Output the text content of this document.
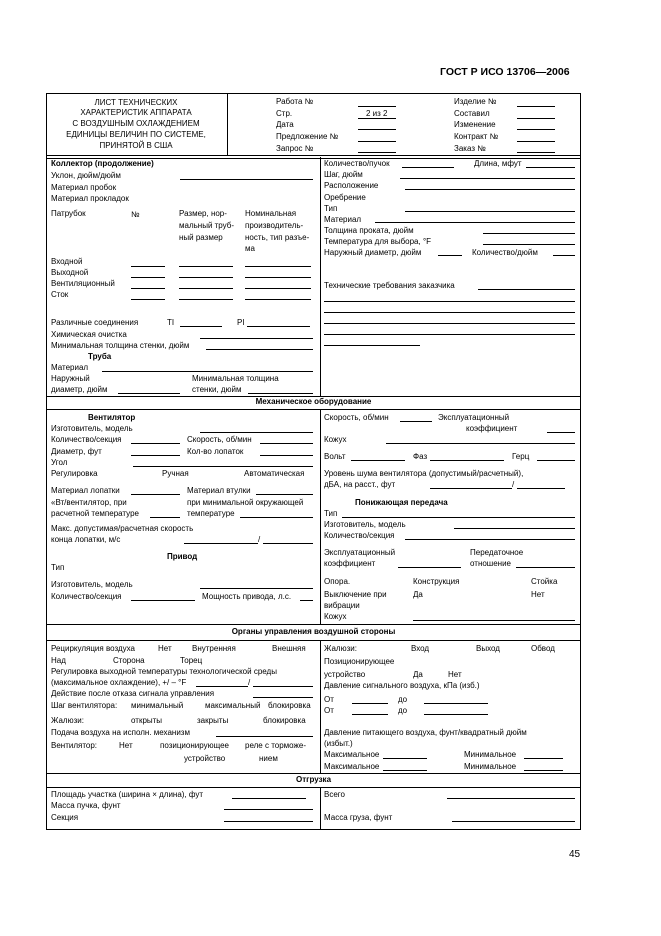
ГОСТ Р ИСО 13706—2006
ЛИСТ ТЕХНИЧЕСКИХ
ХАРАКТЕРИСТИК АППАРАТА
С ВОЗДУШНЫМ ОХЛАЖДЕНИЕМ
ЕДИНИЦЫ ВЕЛИЧИН ПО СИСТЕМЕ,
ПРИНЯТОЙ В США
Работа №
Стр.	2 из 2
Дата
Предложение №
Запрос №
Изделие №
Составил
Изменение
Контракт №
Заказ №
Коллектор (продолжение)
Уклон, дюйм/дюйм
Материал пробок
Материал прокладок
Патрубок	№	Размер, нор-
мальный труб-
ный размер
Номинальная
производитель-
ность, тип разъе-
ма
Входной
Выходной
Вентиляционный
Сток
Различные соединения	TI	PI
Химическая очистка
Минимальная толщина стенки, дюйм
Труба
Материал
Наружный
диаметр, дюйм
Минимальная толщина
стенки, дюйм
Количество/пучок	Длина, мфут
Шаг, дюйм
Расположение
Оребрение
Тип
Материал
Толщина проката, дюйм
Температура для выбора, °F
Наружный диаметр, дюйм	Количество/дюйм
Технические требования заказчика
Механическое оборудование
Вентилятор
Изготовитель, модель
Количество/секция	Скорость, об/мин
Диаметр, фут	Кол-во лопаток
Угол
Регулировка	Ручная	Автоматическая
Материал лопатки	Материал втулки
«Вт/вентилятор, при
расчетной температуре
при минимальной окружающей
температуре
Макс. допустимая/расчетная скорость
конца лопатки, м/с	/
Привод
Тип
Изготовитель, модель
Количество/секция	Мощность привода, л.с.
Скорость, об/мин	Эксплуатационный
коэффициент
Кожух
Вольт	Фаз	Герц
Уровень шума вентилятора (допустимый/расчетный),
дБА, на расст., фут	/
Понижающая передача
Тип
Изготовитель, модель
Количество/секция
Эксплуатационный
коэффициент
Передаточное
отношение
Опора.	Конструкция	Стойка
Выключение при
вибрации
Да	Нет
Кожух
Органы управления воздушной стороны
Рециркуляция воздуха	Нет	Внутренняя	Внешняя
Над	Сторона	Торец
Регулировка выходной температуры технологической среды
(максимальное охлаждение), +/ – °F	/
Действие после отказа сигнала управления
Шаг вентилятора: минимальный	максимальный блокировка
Жалюзи:	открыты	закрыты	блокировка
Подача воздуха на исполн. механизм
Вентилятор:	Нет	позиционирующее
устройство
реле с торможе-
нием
Жалюзи:	Вход	Выход	Обвод
Позиционирующее
устройство	Да	Нет
Давление сигнального воздуха, кПа (изб.)
От	до
От	до
Давление питающего воздуха, фунт/квадратный дюйм
(избыт.)
Максимальное	Минимальное
Максимальное	Минимальное
Отгрузка
Площадь участка (ширина × длина), фут
Масса пучка, фунт
Секция
Всего
Масса груза, фунт
45
